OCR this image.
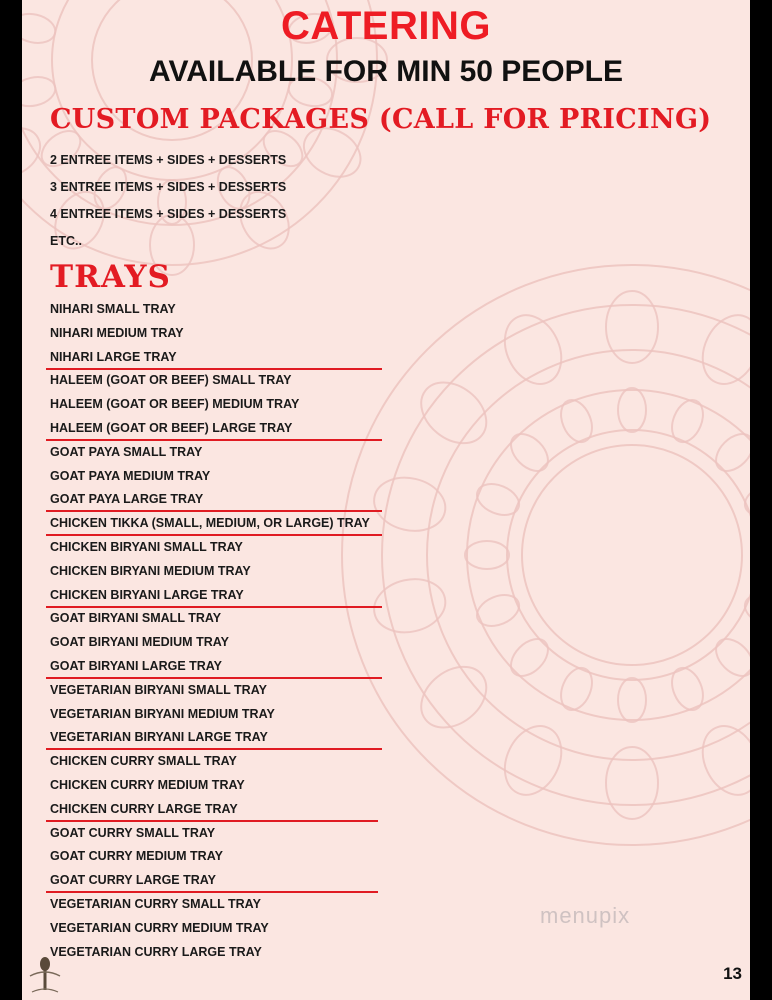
CATERING
AVAILABLE FOR MIN 50 PEOPLE
CUSTOM PACKAGES (CALL FOR PRICING)
2 ENTREE ITEMS + SIDES + DESSERTS
3 ENTREE ITEMS + SIDES + DESSERTS
4 ENTREE ITEMS + SIDES + DESSERTS
ETC..
TRAYS
NIHARI SMALL TRAY
NIHARI MEDIUM TRAY
NIHARI LARGE TRAY
HALEEM (GOAT OR BEEF) SMALL TRAY
HALEEM (GOAT OR BEEF) MEDIUM TRAY
HALEEM (GOAT OR BEEF) LARGE TRAY
GOAT PAYA SMALL TRAY
GOAT PAYA MEDIUM TRAY
GOAT PAYA LARGE TRAY
CHICKEN TIKKA (SMALL, MEDIUM, OR LARGE) TRAY
CHICKEN BIRYANI SMALL TRAY
CHICKEN BIRYANI MEDIUM TRAY
CHICKEN BIRYANI LARGE TRAY
GOAT BIRYANI SMALL TRAY
GOAT BIRYANI MEDIUM TRAY
GOAT BIRYANI LARGE TRAY
VEGETARIAN BIRYANI SMALL TRAY
VEGETARIAN BIRYANI MEDIUM TRAY
VEGETARIAN BIRYANI LARGE TRAY
CHICKEN CURRY SMALL TRAY
CHICKEN CURRY MEDIUM TRAY
CHICKEN CURRY LARGE TRAY
GOAT CURRY SMALL TRAY
GOAT CURRY MEDIUM TRAY
GOAT CURRY LARGE TRAY
VEGETARIAN CURRY SMALL TRAY
VEGETARIAN CURRY MEDIUM TRAY
VEGETARIAN CURRY LARGE TRAY
menupix
13
